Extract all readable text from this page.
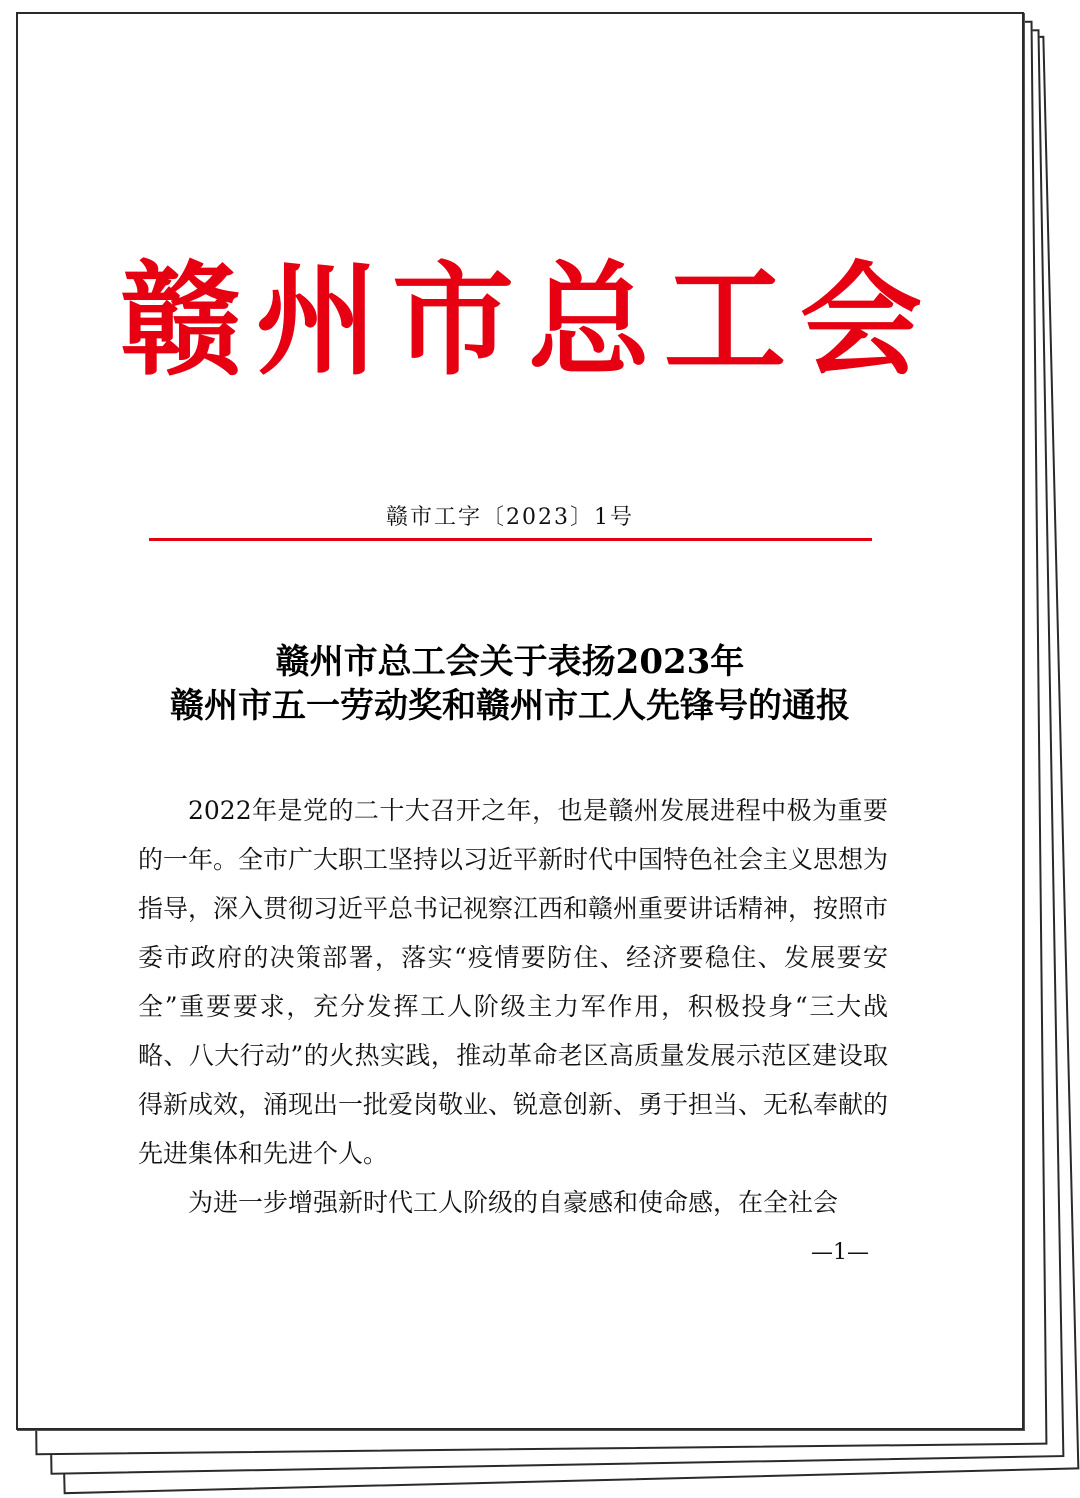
赣州市总工会
赣市工字〔2023〕1号
赣州市总工会关于表扬2023年
赣州市五一劳动奖和赣州市工人先锋号的通报

2022年是党的二十大召开之年，也是赣州发展进程中极为重要的一年。全市广大职工坚持以习近平新时代中国特色社会主义思想为指导，深入贯彻习近平总书记视察江西和赣州重要讲话精神，按照市委市政府的决策部署，落实“疫情要防住、经济要稳住、发展要安全”重要要求，充分发挥工人阶级主力军作用，积极投身“三大战略、八大行动”的火热实践，推动革命老区高质量发展示范区建设取得新成效，涌现出一批爱岗敬业、锐意创新、勇于担当、无私奉献的先进集体和先进个人。

为进一步增强新时代工人阶级的自豪感和使命感，在全社会

—1—
